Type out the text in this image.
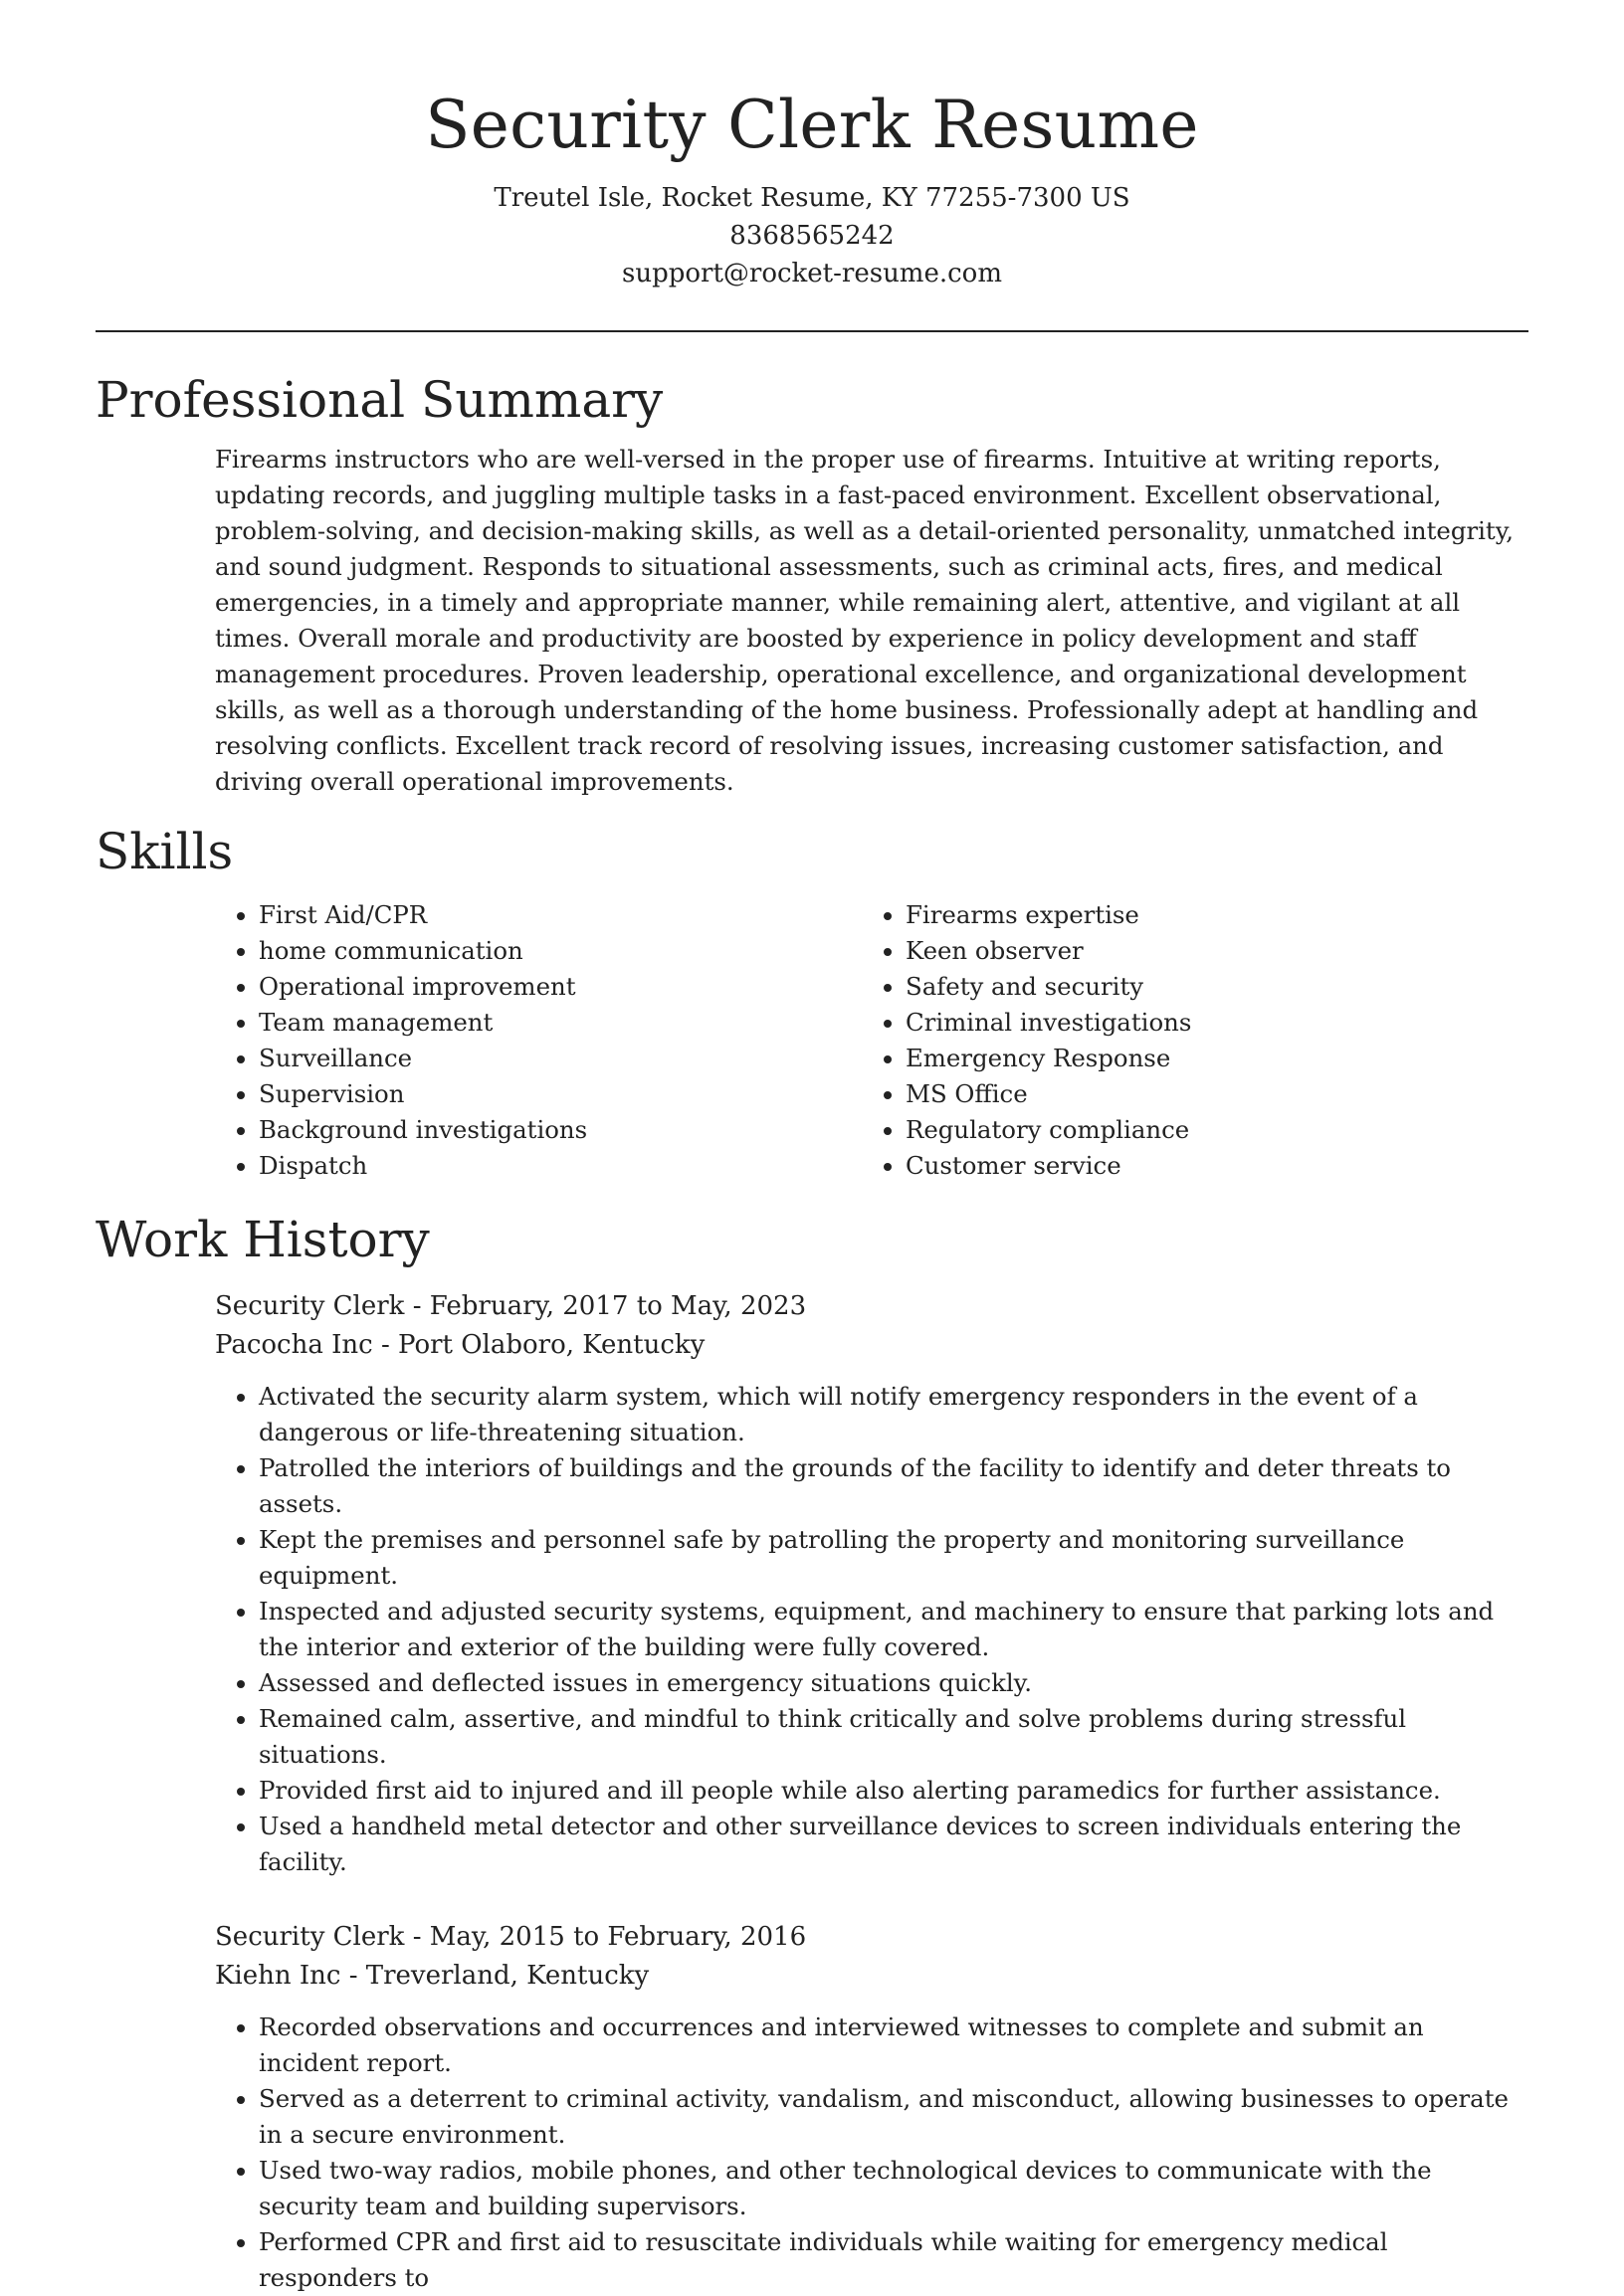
Security Clerk Resume

Treutel Isle, Rocket Resume, KY 77255-7300 US

8368565242

support@rocket-resume.com

Professional Summary

Firearms instructors who are well-versed in the proper use of firearms. Intuitive at writing reports, updating records, and juggling multiple tasks in a fast-paced environment. Excellent observational, problem-solving, and decision-making skills, as well as a detail-oriented personality, unmatched integrity, and sound judgment. Responds to situational assessments, such as criminal acts, fires, and medical emergencies, in a timely and appropriate manner, while remaining alert, attentive, and vigilant at all times. Overall morale and productivity are boosted by experience in policy development and staff management procedures. Proven leadership, operational excellence, and organizational development skills, as well as a thorough understanding of the home business. Professionally adept at handling and resolving conflicts. Excellent track record of resolving issues, increasing customer satisfaction, and driving overall operational improvements.

Skills
• First Aid/CPR
• home communication
• Operational improvement
• Team management
• Surveillance
• Supervision
• Background investigations
• Dispatch
• Firearms expertise
• Keen observer
• Safety and security
• Criminal investigations
• Emergency Response
• MS Office
• Regulatory compliance
• Customer service
Work History

Security Clerk - February, 2017 to May, 2023

Pacocha Inc - Port Olaboro, Kentucky

• Activated the security alarm system, which will notify emergency responders in the event of a dangerous or life-threatening situation.
• Patrolled the interiors of buildings and the grounds of the facility to identify and deter threats to assets.
• Kept the premises and personnel safe by patrolling the property and monitoring surveillance equipment.
• Inspected and adjusted security systems, equipment, and machinery to ensure that parking lots and the interior and exterior of the building were fully covered.
• Assessed and deflected issues in emergency situations quickly.
• Remained calm, assertive, and mindful to think critically and solve problems during stressful situations.
• Provided first aid to injured and ill people while also alerting paramedics for further assistance.
• Used a handheld metal detector and other surveillance devices to screen individuals entering the facility.

Security Clerk - May, 2015 to February, 2016

Kiehn Inc - Treverland, Kentucky

• Recorded observations and occurrences and interviewed witnesses to complete and submit an incident report.
• Served as a deterrent to criminal activity, vandalism, and misconduct, allowing businesses to operate in a secure environment.
• Used two-way radios, mobile phones, and other technological devices to communicate with the security team and building supervisors.
• Performed CPR and first aid to resuscitate individuals while waiting for emergency medical responders to
